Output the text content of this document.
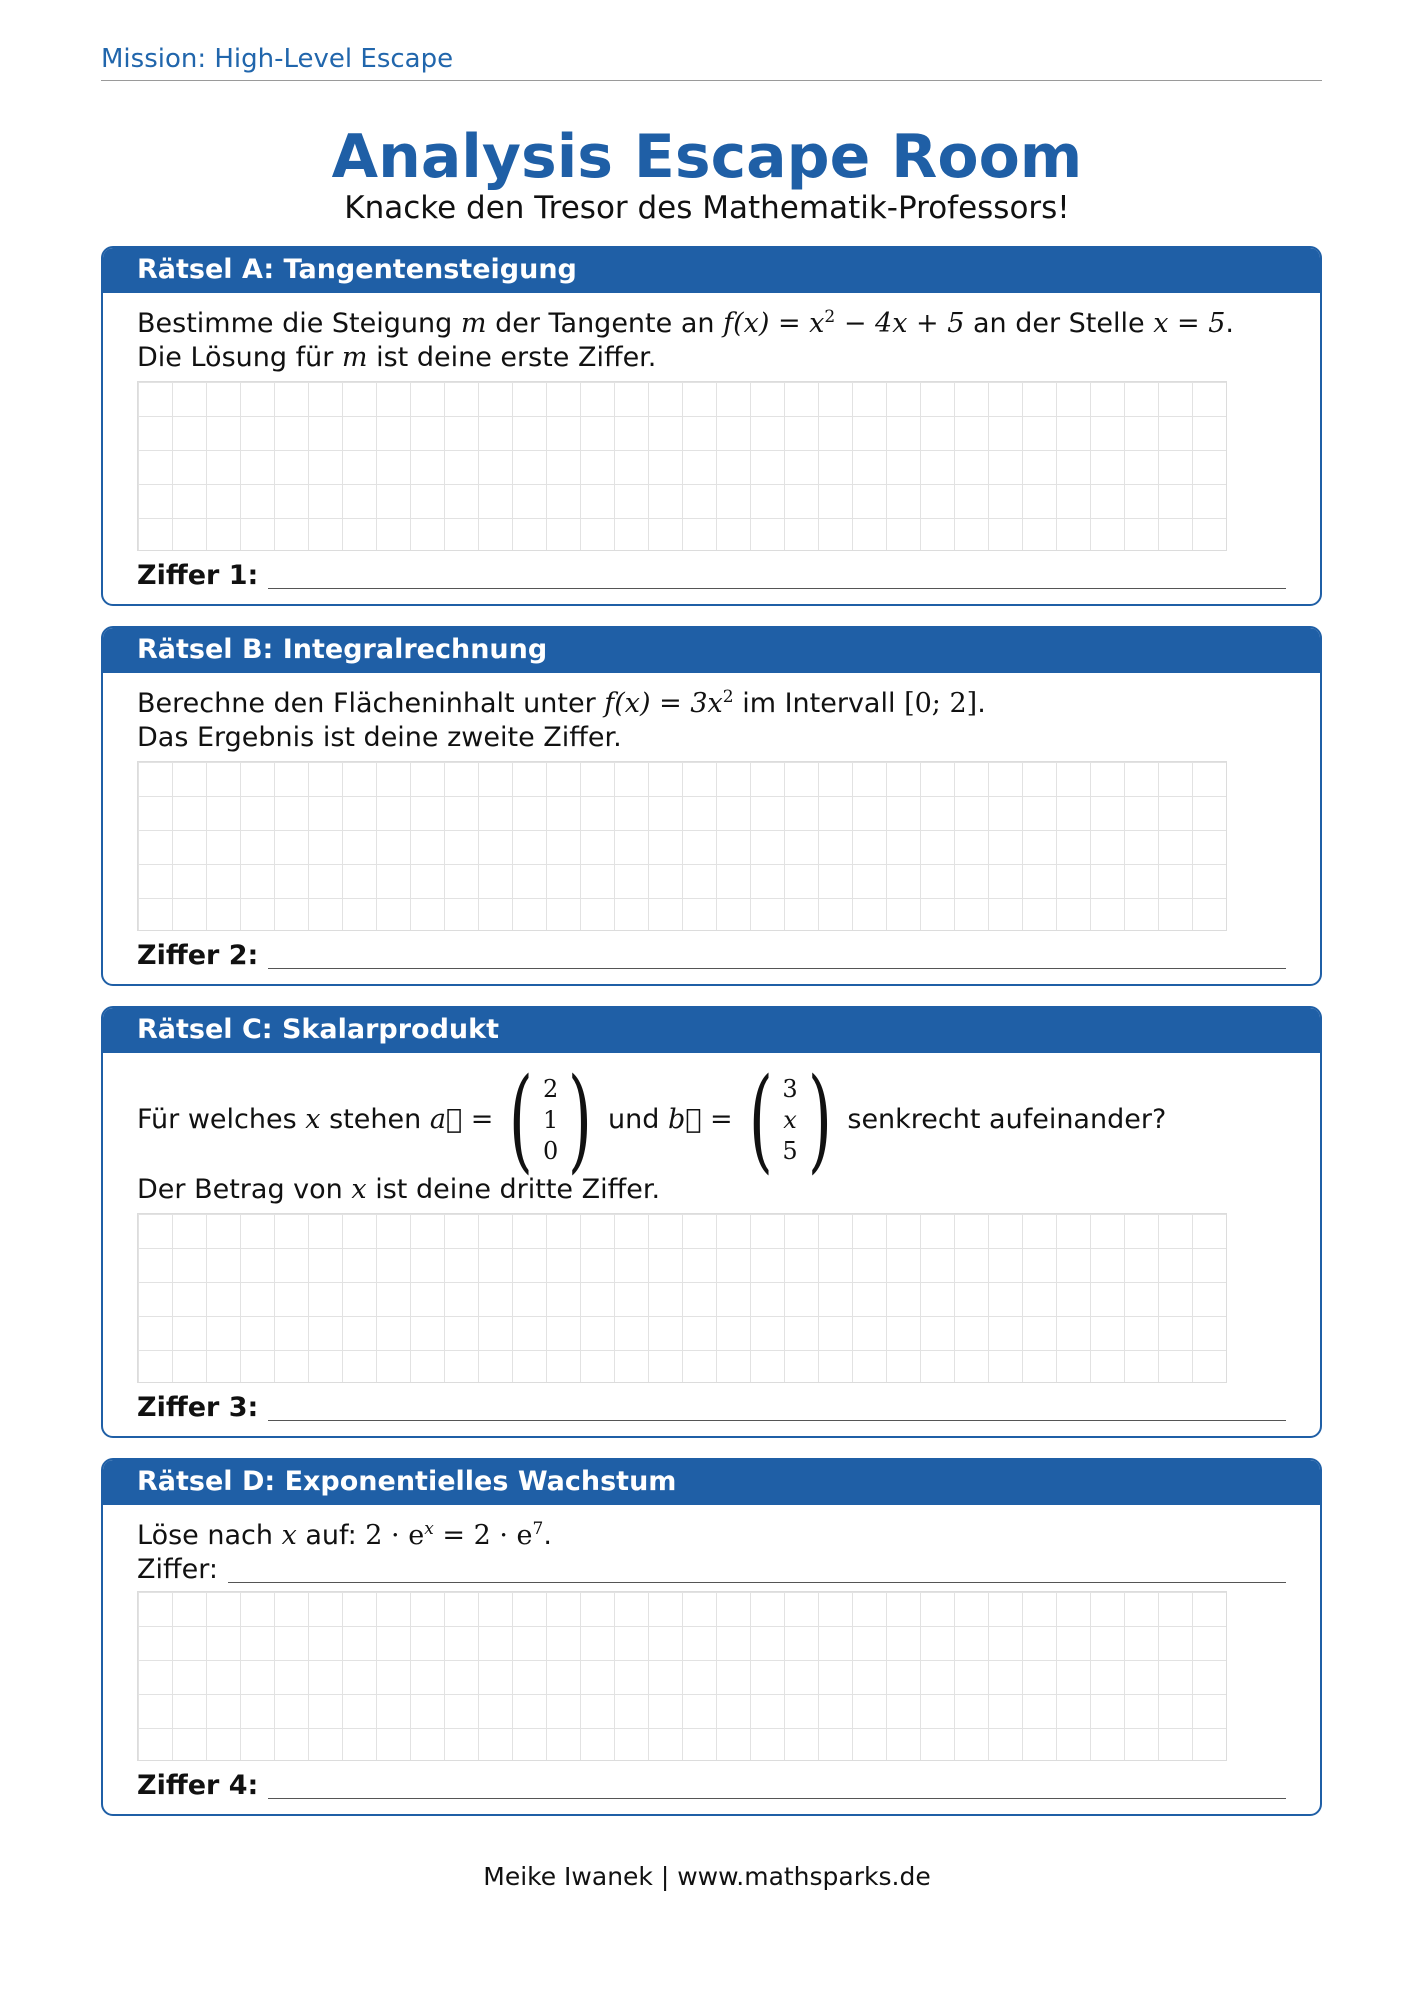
Mission: High-Level Escape
Analysis Escape Room
Knacke den Tresor des Mathematik-Professors!
Rätsel A: Tangentensteigung
Bestimme die Steigung m der Tangente an $f(x) = x^2 - 4x + 5$ an der Stelle x = 5.
Die Lösung für m ist deine erste Ziffer.
Ziffer 1:
Rätsel B: Integralrechnung
Berechne den Flächeninhalt unter $f(x) = 3x^2$ im Intervall [0; 2].
Das Ergebnis ist deine zweite Ziffer.
Ziffer 2:
Rätsel C: Skalarprodukt
Für welches
x
stehen
a⃗ = ( 2
1
0 ) und
b⃗ = ( 3
x
5 ) senkrecht aufeinander?
Der Betrag von x ist deine dritte Ziffer.
Ziffer 3:
Rätsel D: Exponentielles Wachstum
Löse nach x auf: $2 \cdot e^x = 2 \cdot e^7$.
Ziffer:
Ziffer 4:
Meike Iwanek | www.mathsparks.de
